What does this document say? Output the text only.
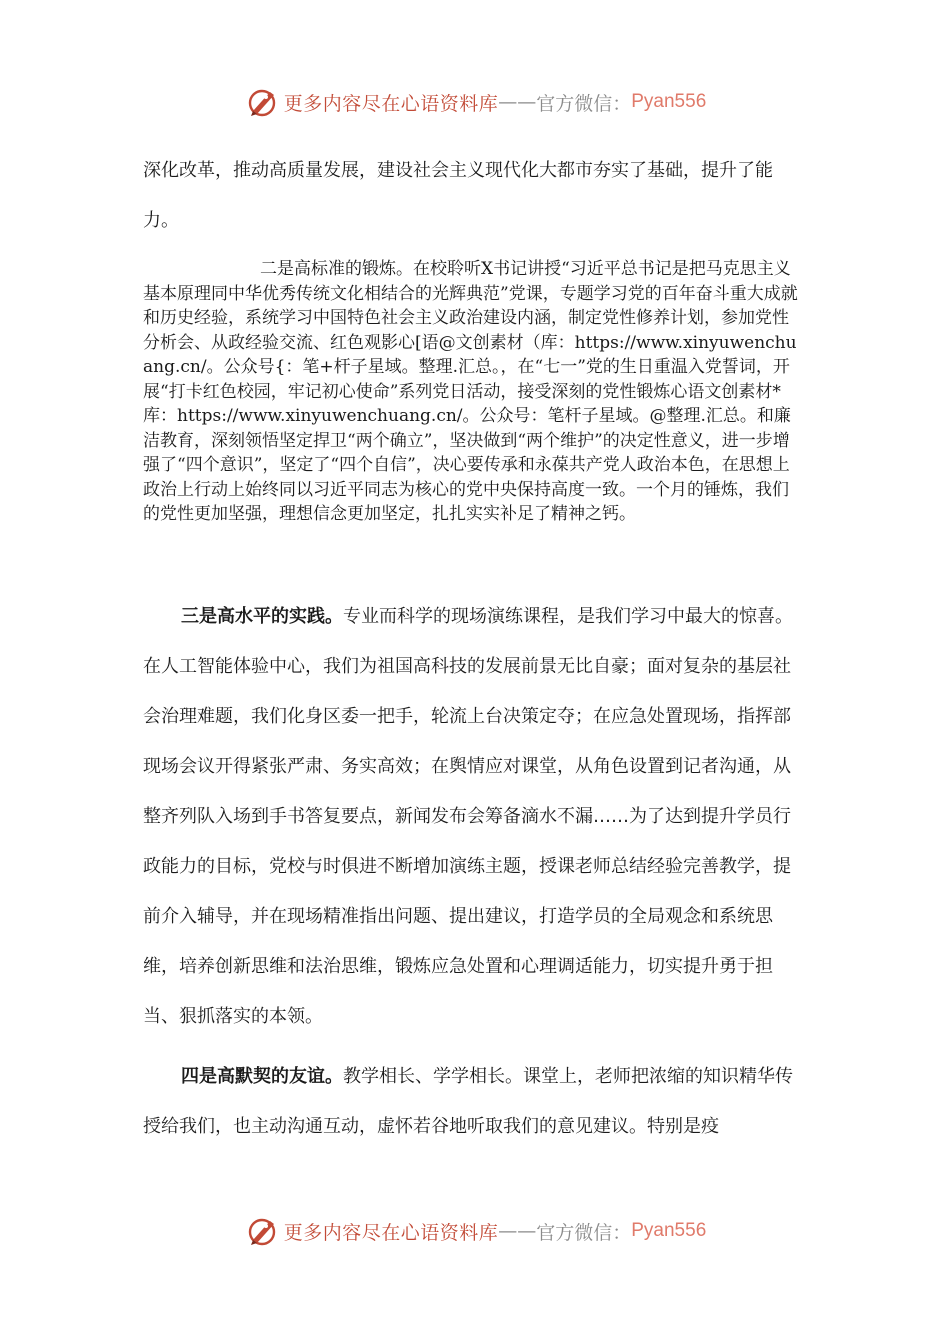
更多内容尽在心语资料库 —— 官方微信： Pyan556

深化改革，推动高质量发展，建设社会主义现代化大都市夯实了基础，提升了能力。

二是高标准的锻炼。在校聆听X书记讲授“习近平总书记是把马克思主义基本原理同中华优秀传统文化相结合的光辉典范”党课，专题学习党的百年奋斗重大成就和历史经验，系统学习中国特色社会主义政治建设内涵，制定党性修养计划，参加党性分析会、从政经验交流、红色观影心[语@文创素材（库：https://www.xinyuwenchuang.cn/。公众号{：笔+杆子星域。整理.汇总。，在“七一”党的生日重温入党誓词，开展“打卡红色校园，牢记初心使命”系列党日活动，接受深刻的党性锻炼心语文创素材*库：https://www.xinyuwenchuang.cn/。公众号：笔杆子星域。@整理.汇总。和廉洁教育，深刻领悟坚定捍卫“两个确立”，坚决做到“两个维护”的决定性意义，进一步增强了“四个意识”，坚定了“四个自信”，决心要传承和永葆共产党人政治本色，在思想上政治上行动上始终同以习近平同志为核心的党中央保持高度一致。一个月的锤炼，我们的党性更加坚强，理想信念更加坚定，扎扎实实补足了精神之钙。

三是高水平的实践。专业而科学的现场演练课程，是我们学习中最大的惊喜。在人工智能体验中心，我们为祖国高科技的发展前景无比自豪；面对复杂的基层社会治理难题，我们化身区委一把手，轮流上台决策定夺；在应急处置现场，指挥部现场会议开得紧张严肃、务实高效；在舆情应对课堂，从角色设置到记者沟通，从整齐列队入场到手书答复要点，新闻发布会筹备滴水不漏……为了达到提升学员行政能力的目标，党校与时俱进不断增加演练主题，授课老师总结经验完善教学，提前介入辅导，并在现场精准指出问题、提出建议，打造学员的全局观念和系统思维，培养创新思维和法治思维，锻炼应急处置和心理调适能力，切实提升勇于担当、狠抓落实的本领。

四是高默契的友谊。教学相长、学学相长。课堂上，老师把浓缩的知识精华传授给我们，也主动沟通互动，虚怀若谷地听取我们的意见建议。特别是疫

更多内容尽在心语资料库 —— 官方微信： Pyan556
